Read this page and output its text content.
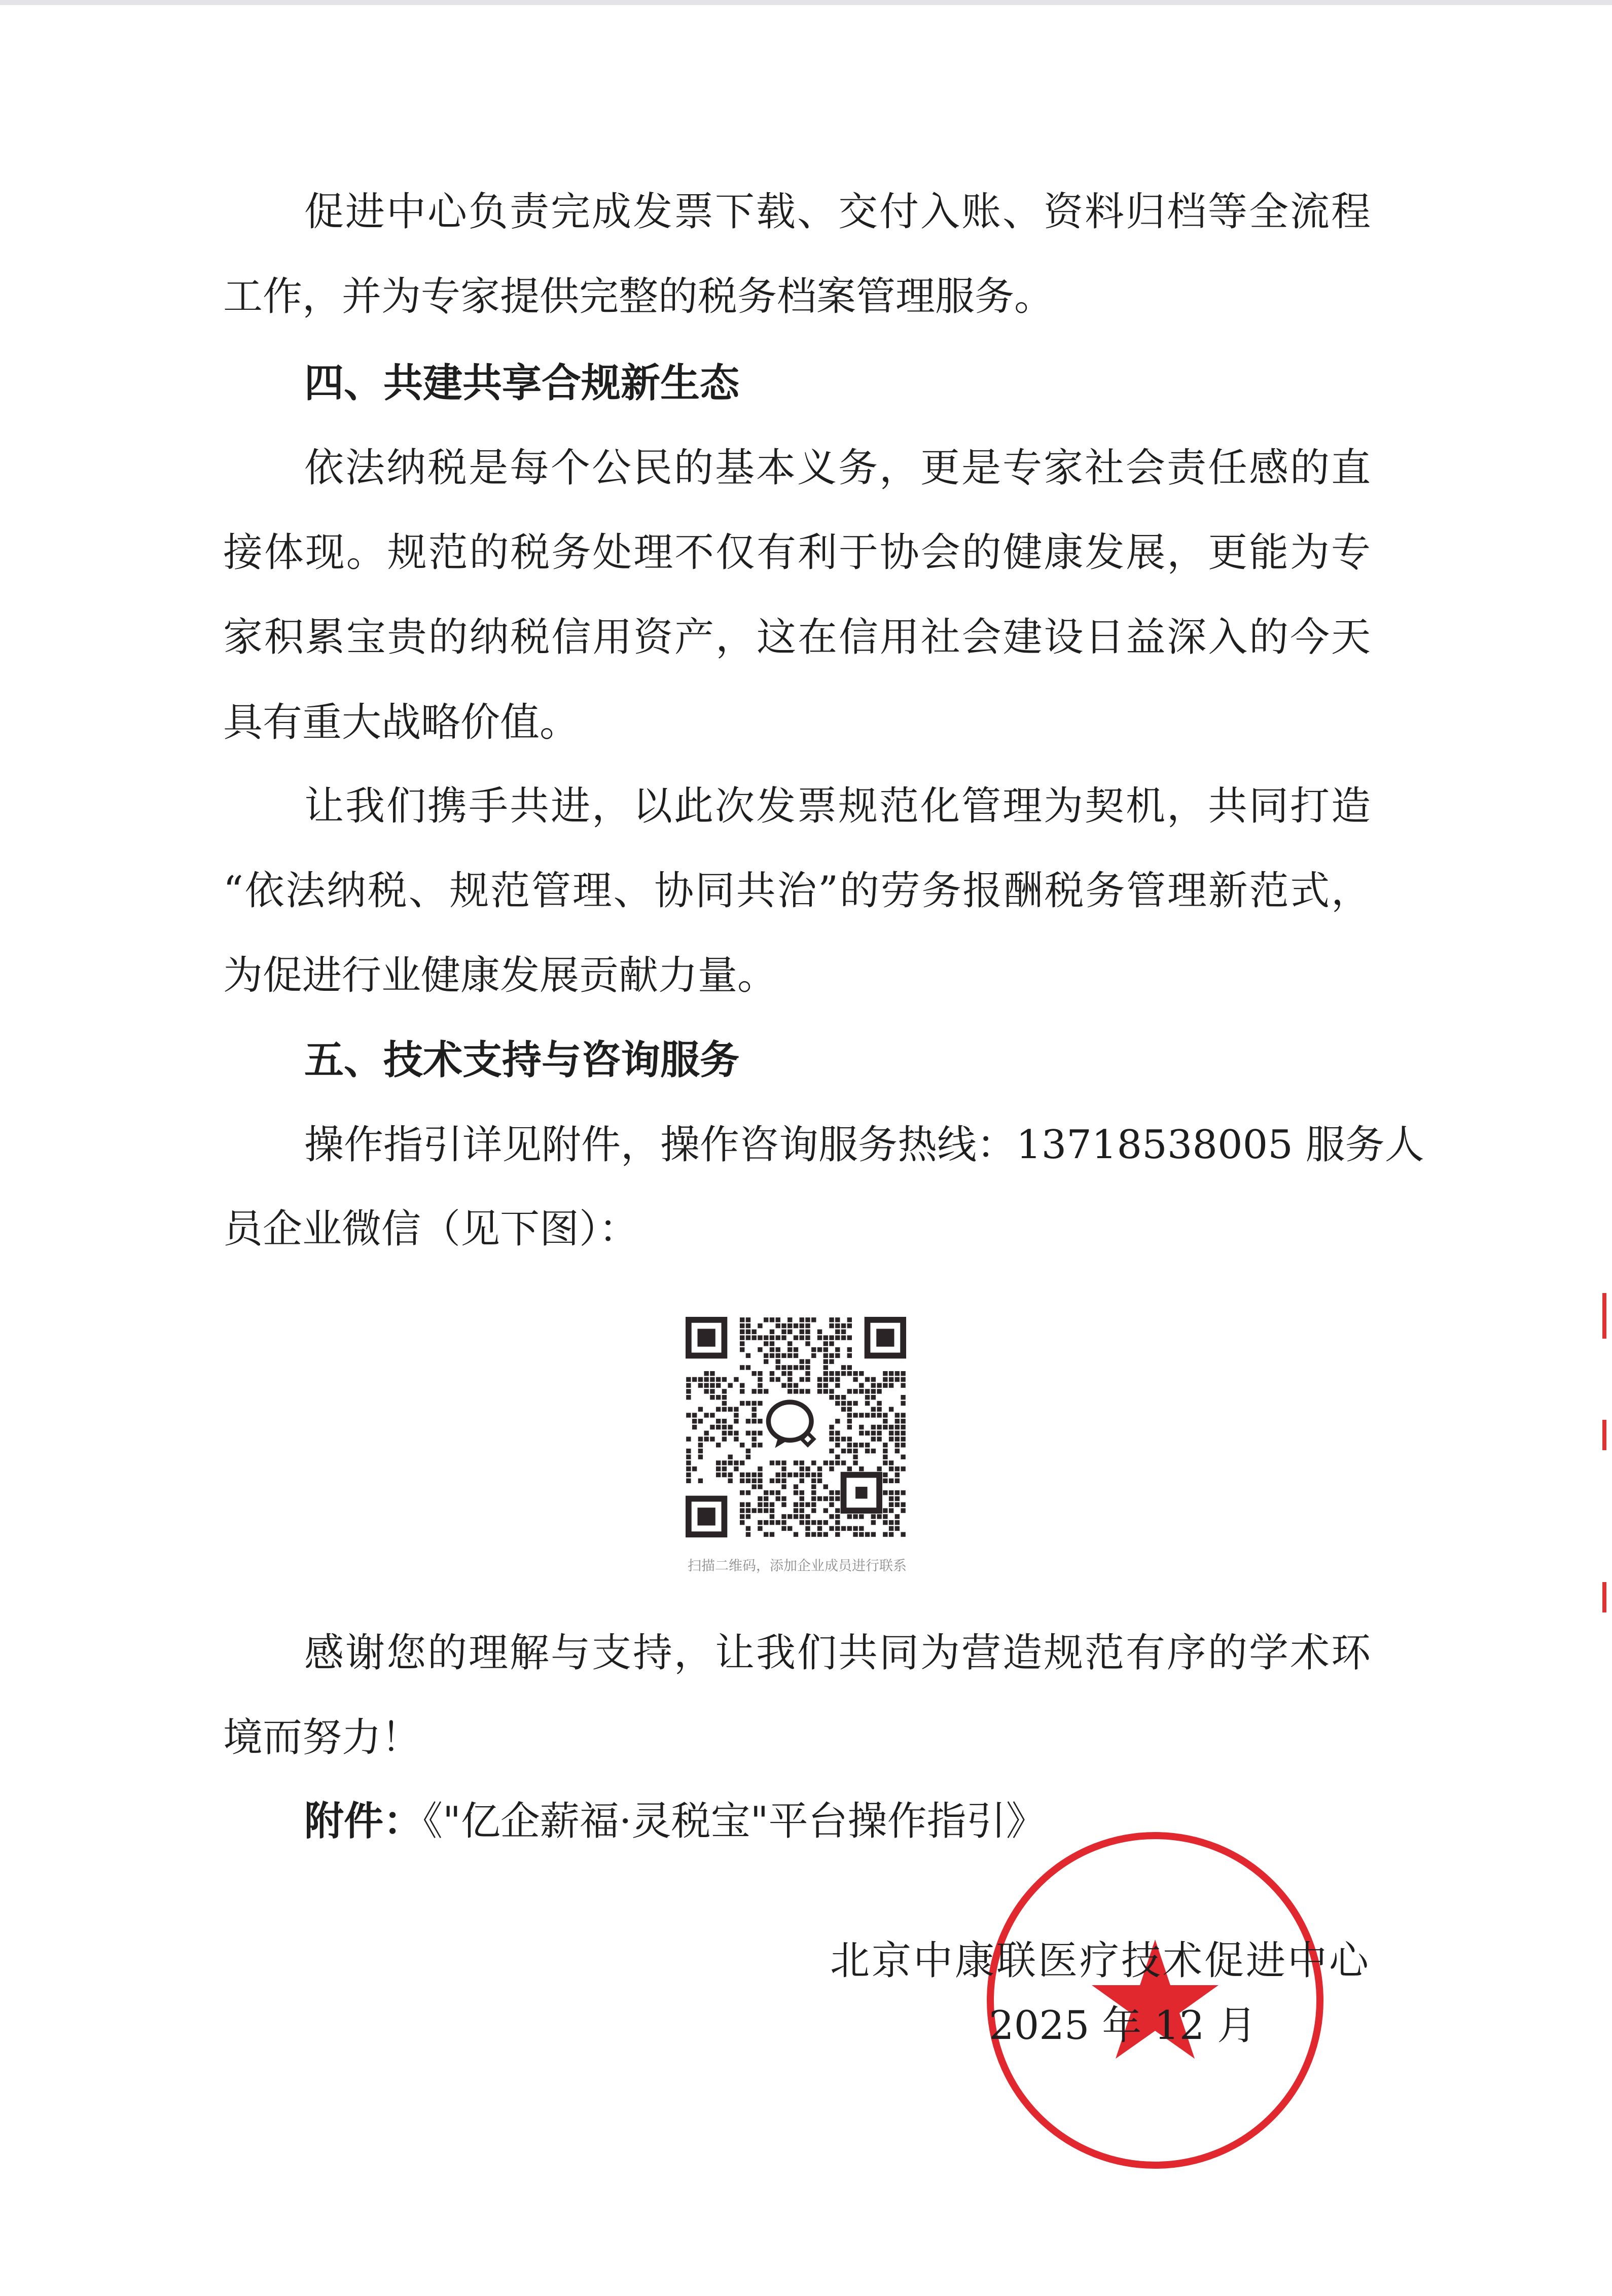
促进中心负责完成发票下载、交付入账、资料归档等全流程
工作，并为专家提供完整的税务档案管理服务。
四、共建共享合规新生态
依法纳税是每个公民的基本义务，更是专家社会责任感的直
接体现。规范的税务处理不仅有利于协会的健康发展，更能为专
家积累宝贵的纳税信用资产，这在信用社会建设日益深入的今天
具有重大战略价值。
让我们携手共进，以此次发票规范化管理为契机，共同打造
“依法纳税、规范管理、协同共治”的劳务报酬税务管理新范式，
为促进行业健康发展贡献力量。
五、技术支持与咨询服务
操作指引详见附件，操作咨询服务热线：13718538005 服务人
员企业微信（见下图）：
扫描二维码，添加企业成员进行联系
感谢您的理解与支持，让我们共同为营造规范有序的学术环
境而努力！
附件：《"亿企薪福·灵税宝"平台操作指引》
北京中康联医疗技术促进中心
2025 年 12 月
